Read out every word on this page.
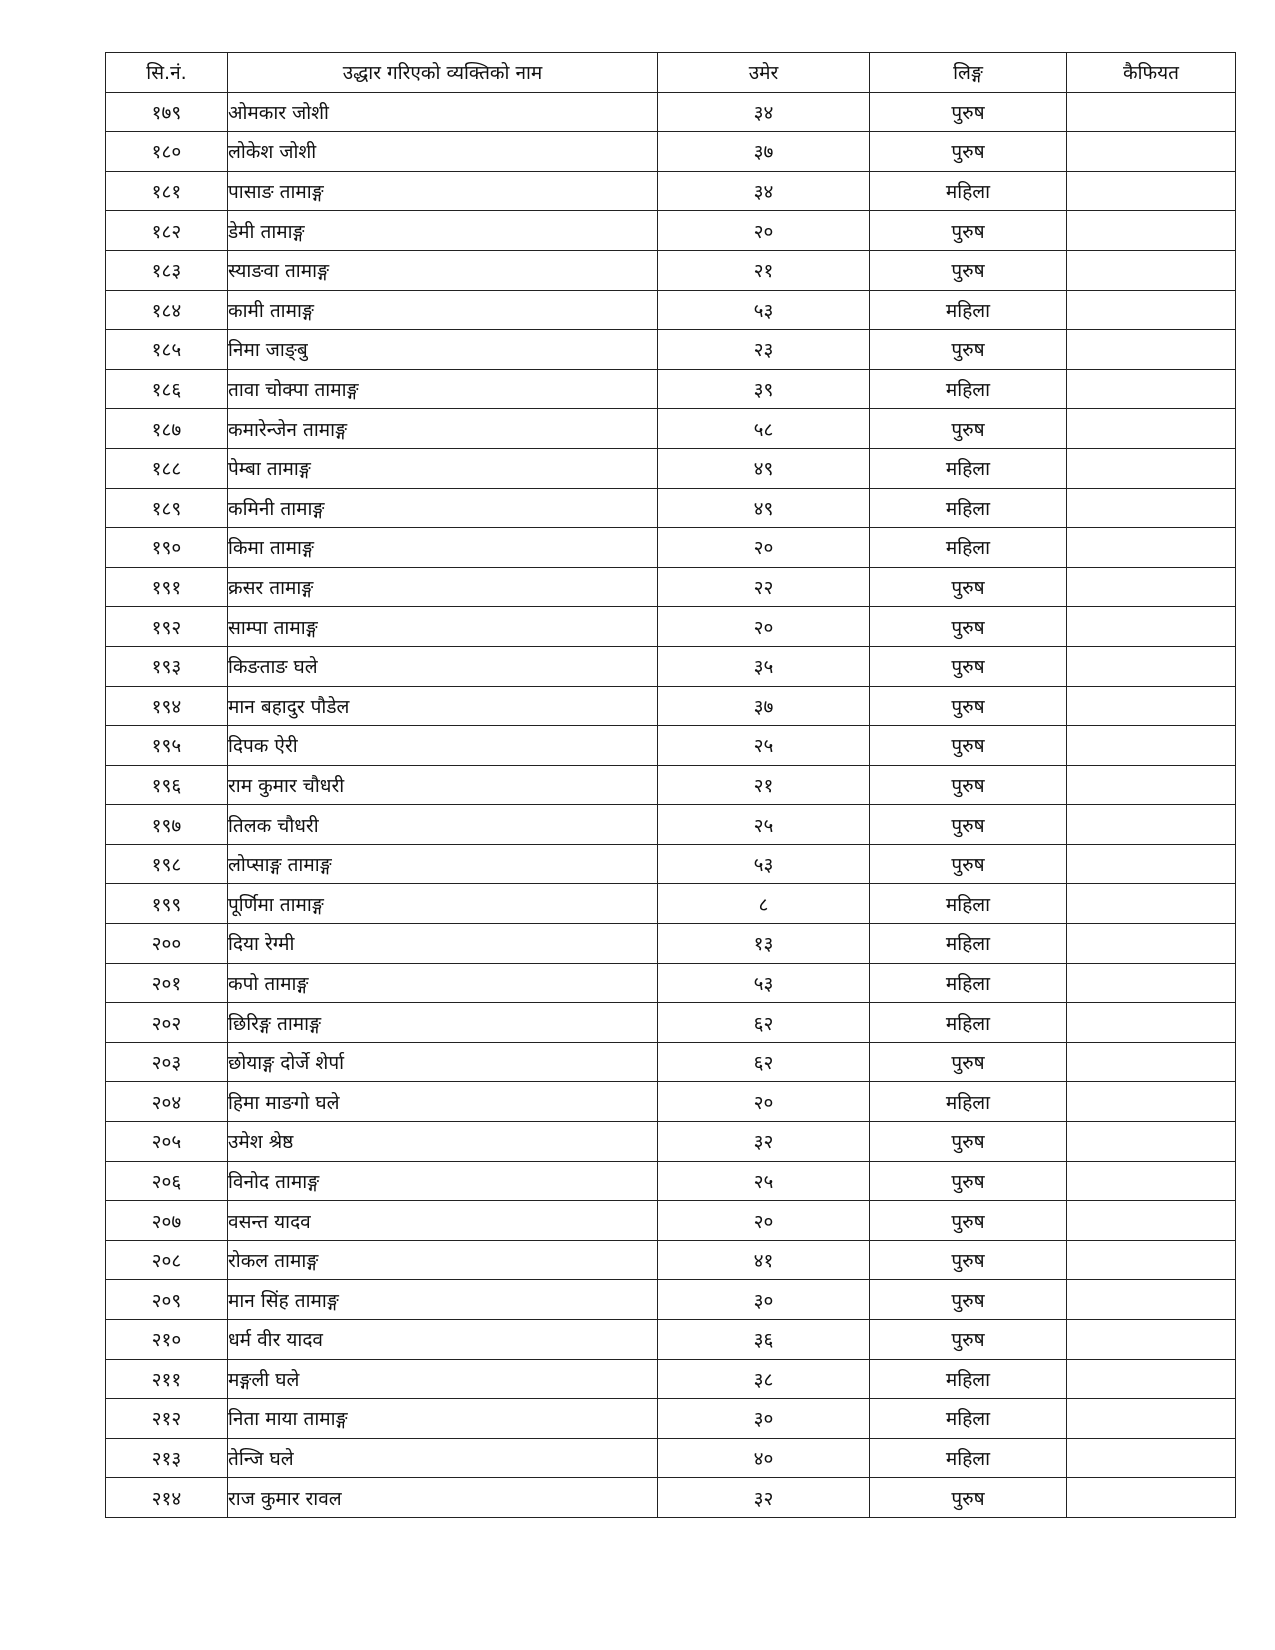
सि.नं.	उद्धार गरिएको व्यक्तिको नाम	उमेर	लिङ्ग	कैफियत
१७९	ओमकार जोशी	३४	पुरुष	
१८०	लोकेश जोशी	३७	पुरुष	
१८१	पासाङ तामाङ्ग	३४	महिला	
१८२	डेमी तामाङ्ग	२०	पुरुष	
१८३	स्याङवा तामाङ्ग	२१	पुरुष	
१८४	कामी तामाङ्ग	५३	महिला	
१८५	निमा जाङ्बु	२३	पुरुष	
१८६	तावा चोक्पा तामाङ्ग	३९	महिला	
१८७	कमारेन्जेन तामाङ्ग	५८	पुरुष	
१८८	पेम्बा तामाङ्ग	४९	महिला	
१८९	कमिनी तामाङ्ग	४९	महिला	
१९०	किमा तामाङ्ग	२०	महिला	
१९१	क्रसर तामाङ्ग	२२	पुरुष	
१९२	साम्पा तामाङ्ग	२०	पुरुष	
१९३	किङताङ घले	३५	पुरुष	
१९४	मान बहादुर पौडेल	३७	पुरुष	
१९५	दिपक ऐरी	२५	पुरुष	
१९६	राम कुमार चौधरी	२१	पुरुष	
१९७	तिलक चौधरी	२५	पुरुष	
१९८	लोप्साङ्ग तामाङ्ग	५३	पुरुष	
१९९	पूर्णिमा तामाङ्ग	८	महिला	
२००	दिया रेग्मी	१३	महिला	
२०१	कपो तामाङ्ग	५३	महिला	
२०२	छिरिङ्ग तामाङ्ग	६२	महिला	
२०३	छोयाङ्ग दोर्जे शेर्पा	६२	पुरुष	
२०४	हिमा माङगो घले	२०	महिला	
२०५	उमेश श्रेष्ठ	३२	पुरुष	
२०६	विनोद तामाङ्ग	२५	पुरुष	
२०७	वसन्त यादव	२०	पुरुष	
२०८	रोकल तामाङ्ग	४१	पुरुष	
२०९	मान सिंह तामाङ्ग	३०	पुरुष	
२१०	धर्म वीर यादव	३६	पुरुष	
२११	मङ्गली घले	३८	महिला	
२१२	निता माया तामाङ्ग	३०	महिला	
२१३	तेन्जि घले	४०	महिला	
२१४	राज कुमार रावल	३२	पुरुष	
